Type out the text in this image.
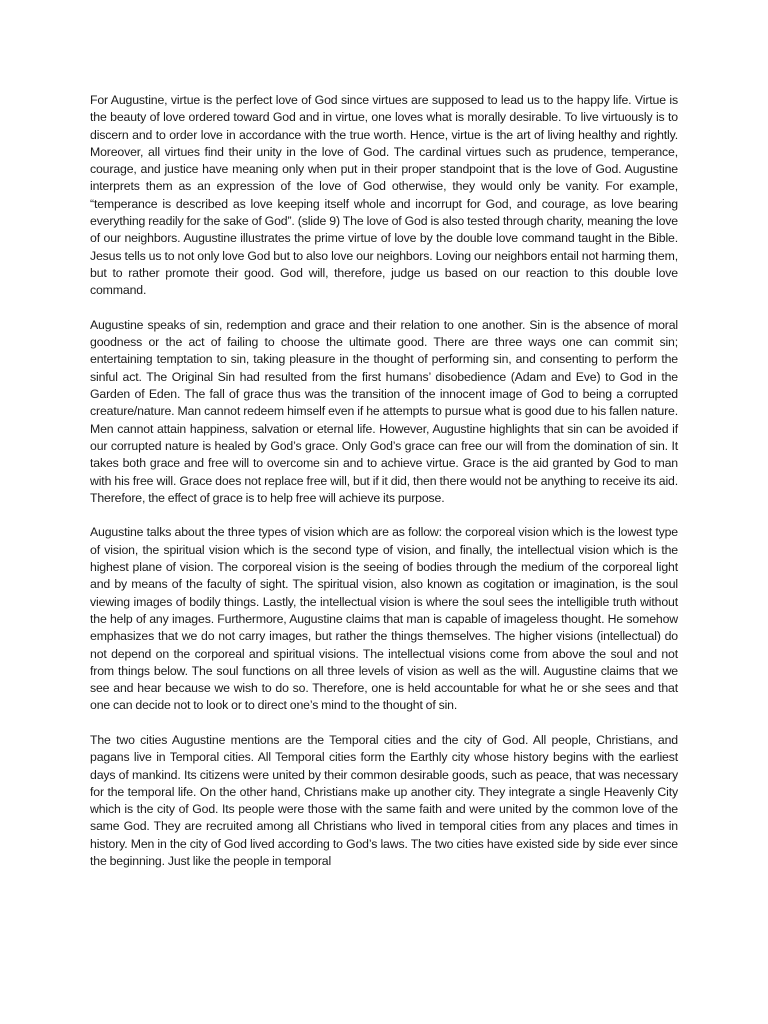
For Augustine, virtue is the perfect love of God since virtues are supposed to lead us to the happy life. Virtue is the beauty of love ordered toward God and in virtue, one loves what is morally desirable. To live virtuously is to discern and to order love in accordance with the true worth. Hence, virtue is the art of living healthy and rightly. Moreover, all virtues find their unity in the love of God. The cardinal virtues such as prudence, temperance, courage, and justice have meaning only when put in their proper standpoint that is the love of God. Augustine interprets them as an expression of the love of God otherwise, they would only be vanity. For example, “temperance is described as love keeping itself whole and incorrupt for God, and courage, as love bearing everything readily for the sake of God”. (slide 9) The love of God is also tested through charity, meaning the love of our neighbors. Augustine illustrates the prime virtue of love by the double love command taught in the Bible. Jesus tells us to not only love God but to also love our neighbors. Loving our neighbors entail not harming them, but to rather promote their good. God will, therefore, judge us based on our reaction to this double love command.

Augustine speaks of sin, redemption and grace and their relation to one another. Sin is the absence of moral goodness or the act of failing to choose the ultimate good. There are three ways one can commit sin; entertaining temptation to sin, taking pleasure in the thought of performing sin, and consenting to perform the sinful act. The Original Sin had resulted from the first humans’ disobedience (Adam and Eve) to God in the Garden of Eden. The fall of grace thus was the transition of the innocent image of God to being a corrupted creature/nature. Man cannot redeem himself even if he attempts to pursue what is good due to his fallen nature. Men cannot attain happiness, salvation or eternal life. However, Augustine highlights that sin can be avoided if our corrupted nature is healed by God’s grace. Only God’s grace can free our will from the domination of sin. It takes both grace and free will to overcome sin and to achieve virtue. Grace is the aid granted by God to man with his free will. Grace does not replace free will, but if it did, then there would not be anything to receive its aid. Therefore, the effect of grace is to help free will achieve its purpose.

Augustine talks about the three types of vision which are as follow: the corporeal vision which is the lowest type of vision, the spiritual vision which is the second type of vision, and finally, the intellectual vision which is the highest plane of vision. The corporeal vision is the seeing of bodies through the medium of the corporeal light and by means of the faculty of sight. The spiritual vision, also known as cogitation or imagination, is the soul viewing images of bodily things. Lastly, the intellectual vision is where the soul sees the intelligible truth without the help of any images. Furthermore, Augustine claims that man is capable of imageless thought. He somehow emphasizes that we do not carry images, but rather the things themselves. The higher visions (intellectual) do not depend on the corporeal and spiritual visions. The intellectual visions come from above the soul and not from things below. The soul functions on all three levels of vision as well as the will. Augustine claims that we see and hear because we wish to do so. Therefore, one is held accountable for what he or she sees and that one can decide not to look or to direct one’s mind to the thought of sin.

The two cities Augustine mentions are the Temporal cities and the city of God. All people, Christians, and pagans live in Temporal cities. All Temporal cities form the Earthly city whose history begins with the earliest days of mankind. Its citizens were united by their common desirable goods, such as peace, that was necessary for the temporal life. On the other hand, Christians make up another city. They integrate a single Heavenly City which is the city of God. Its people were those with the same faith and were united by the common love of the same God. They are recruited among all Christians who lived in temporal cities from any places and times in history. Men in the city of God lived according to God’s laws. The two cities have existed side by side ever since the beginning. Just like the people in temporal
